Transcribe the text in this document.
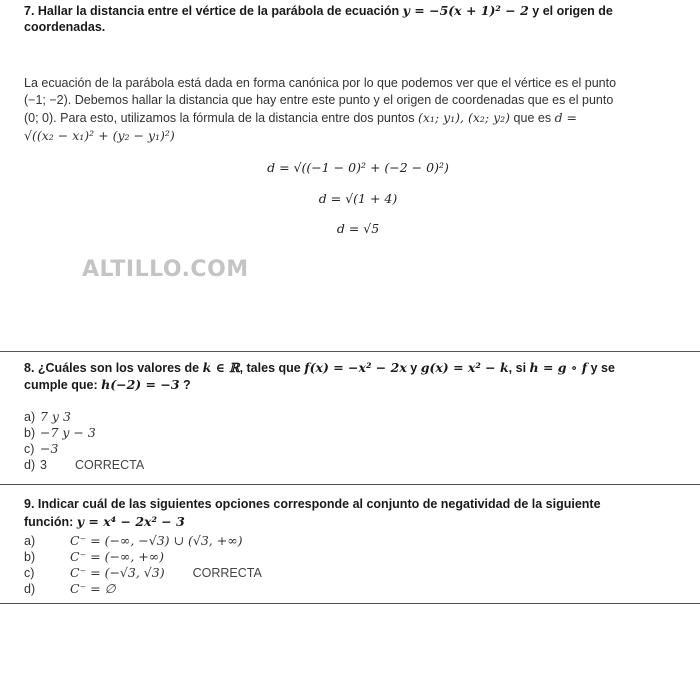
7. Hallar la distancia entre el vértice de la parábola de ecuación y = −5(x + 1)² − 2 y el origen de
coordenadas.
La ecuación de la parábola está dada en forma canónica por lo que podemos ver que el vértice es el punto
(−1; −2). Debemos hallar la distancia que hay entre este punto y el origen de coordenadas que es el punto
(0; 0). Para esto, utilizamos la fórmula de la distancia entre dos puntos (x₁; y₁), (x₂; y₂) que es d =
√((x₂ − x₁)² + (y₂ − y₁)²)
d = √((−1 − 0)² + (−2 − 0)²)
d = √(1 + 4)
d = √5
ALTILLO.COM
8. ¿Cuáles son los valores de k ∈ ℝ, tales que f(x) = −x² − 2x y g(x) = x² − k, si h = g ∘ f y se
cumple que: h(−2) = −3 ?
a) 7 y 3
b) −7 y − 3
c) −3
d) 3 CORRECTA
9. Indicar cuál de las siguientes opciones corresponde al conjunto de negatividad de la siguiente
función: y = x⁴ − 2x² − 3
a)	C⁻ = (−∞, −√3) ∪ (√3, +∞)
b)	C⁻ = (−∞, +∞)
c)	C⁻ = (−√3, √3) CORRECTA
d)	C⁻ = ∅
